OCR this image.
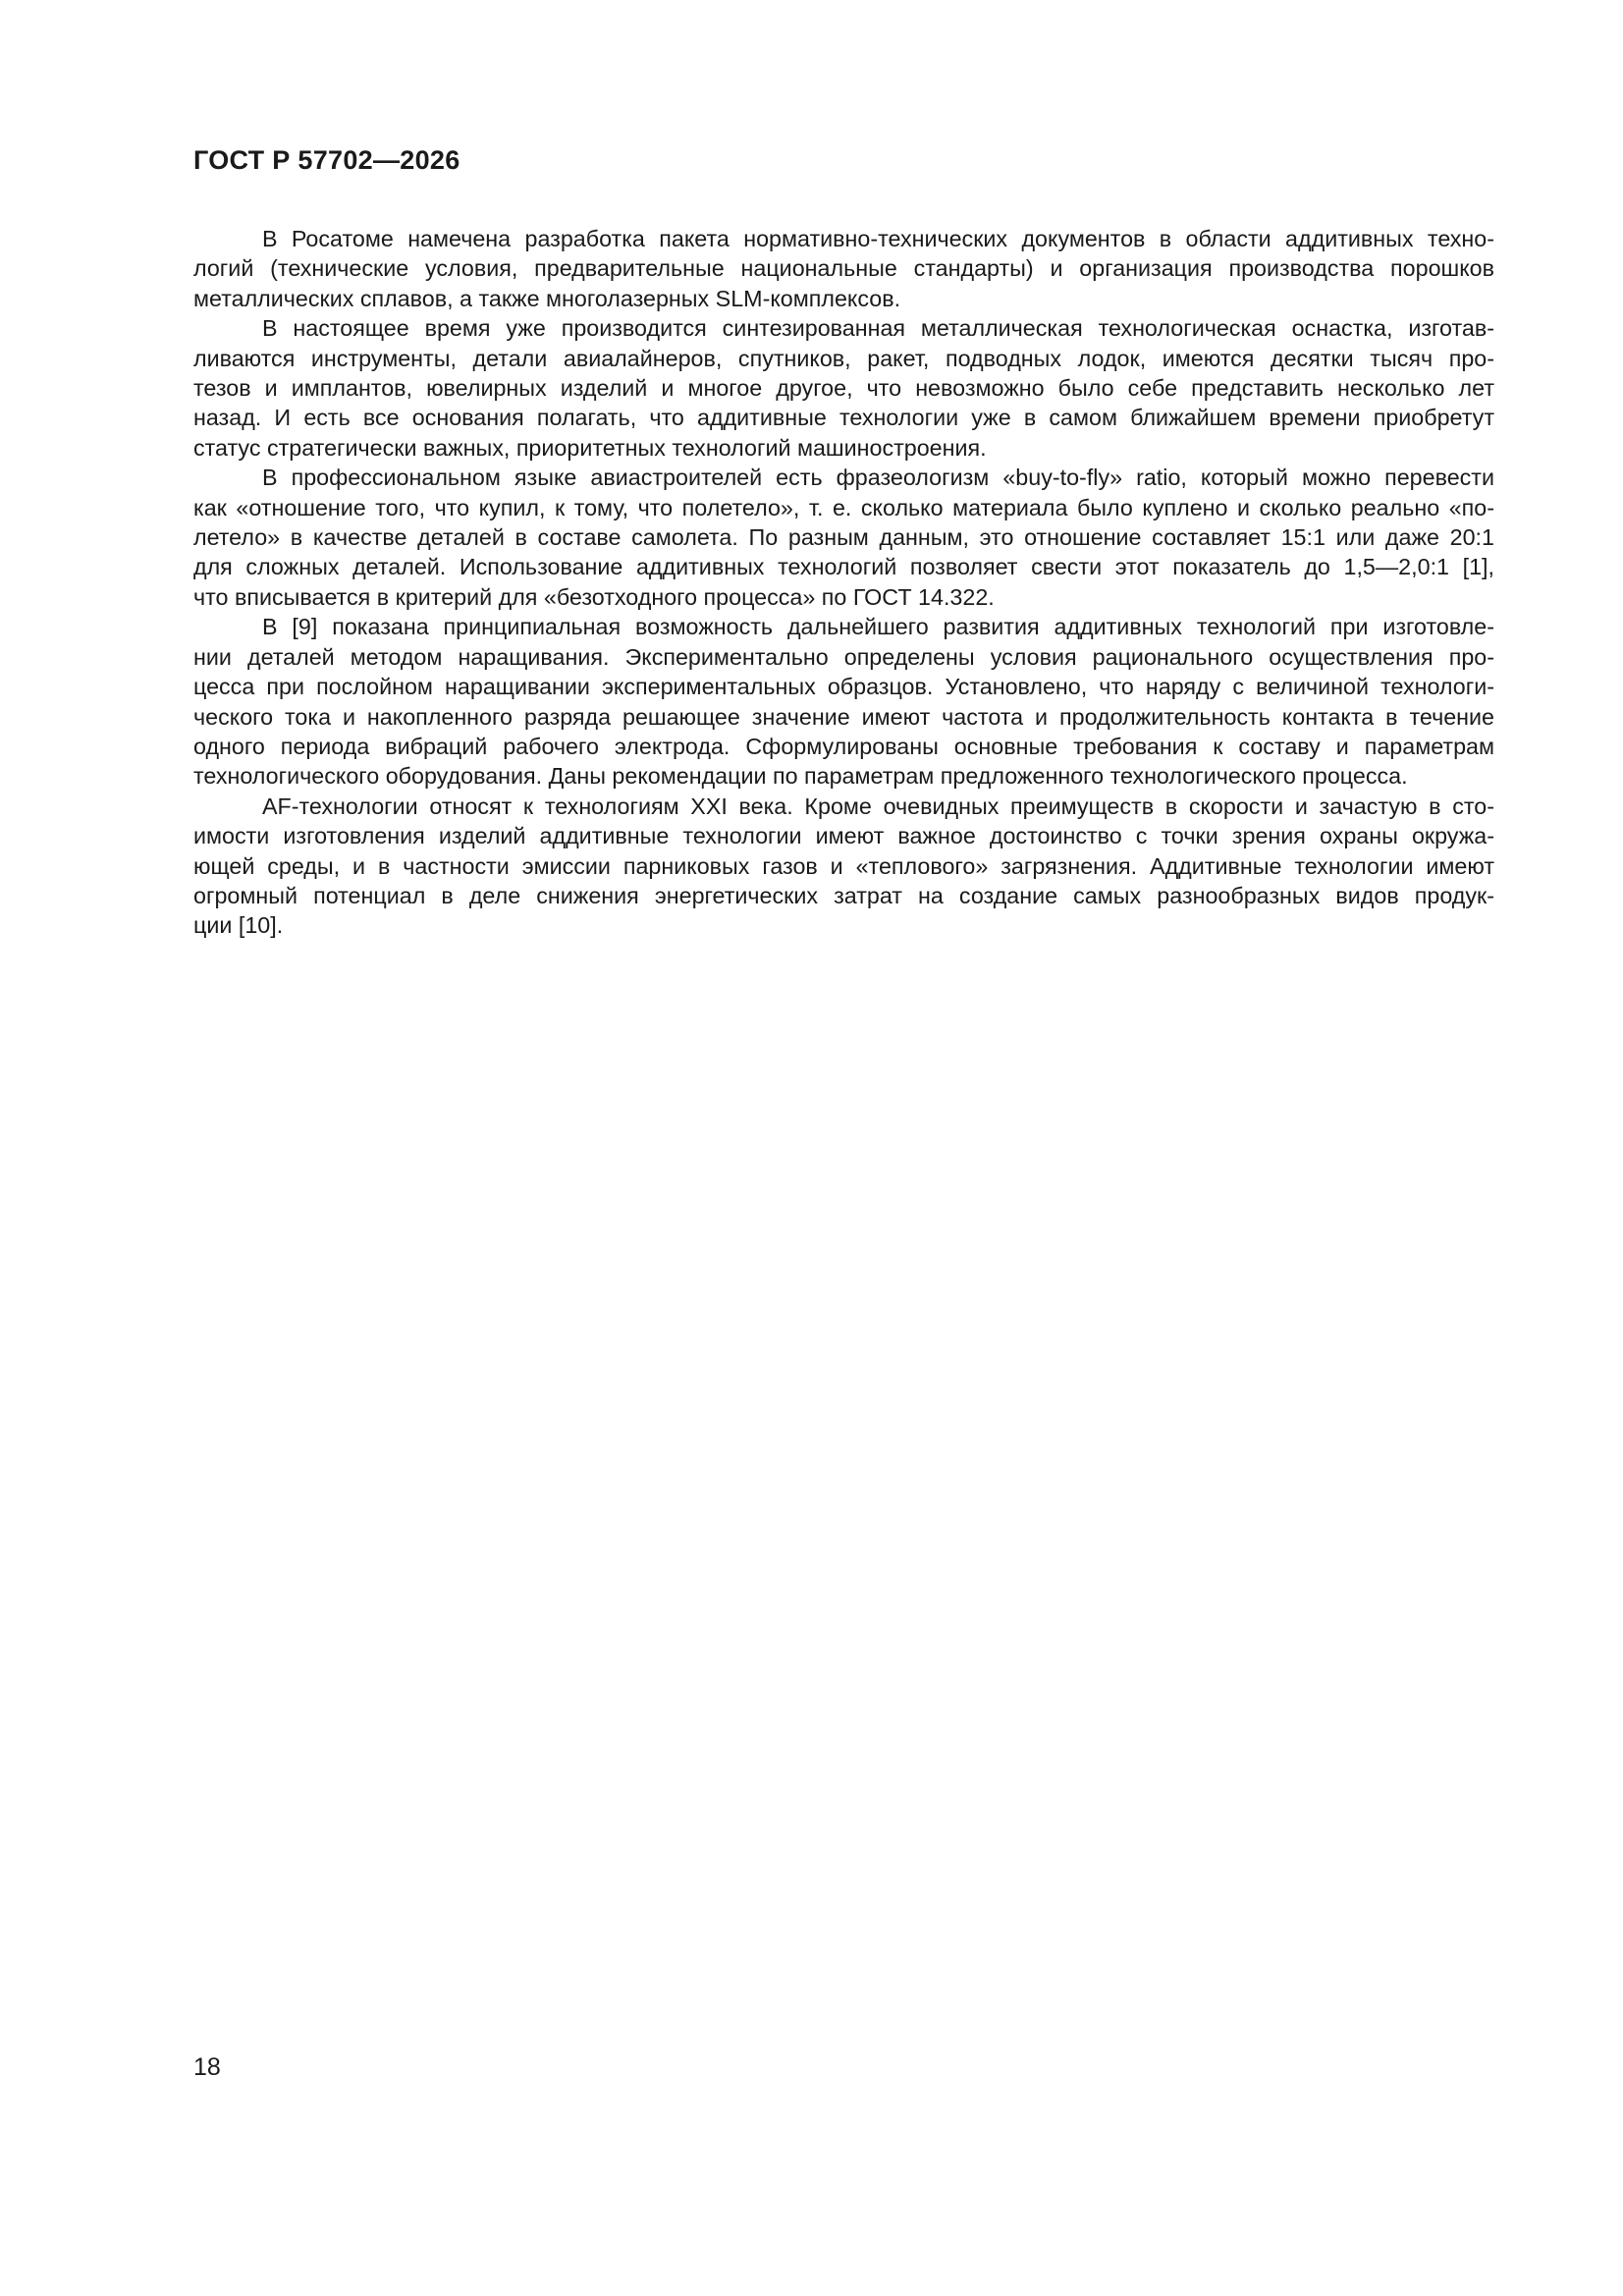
ГОСТ Р 57702—2026

В Росатоме намечена разработка пакета нормативно-технических документов в области аддитивных техно-
логий (технические условия, предварительные национальные стандарты) и организация производства порошков
металлических сплавов, а также многолазерных SLM-комплексов.

В настоящее время уже производится синтезированная металлическая технологическая оснастка, изготав-
ливаются инструменты, детали авиалайнеров, спутников, ракет, подводных лодок, имеются десятки тысяч про-
тезов и имплантов, ювелирных изделий и многое другое, что невозможно было себе представить несколько лет
назад. И есть все основания полагать, что аддитивные технологии уже в самом ближайшем времени приобретут
статус стратегически важных, приоритетных технологий машиностроения.

В профессиональном языке авиастроителей есть фразеологизм «buy-to-fly» ratio, который можно перевести
как «отношение того, что купил, к тому, что полетело», т. е. сколько материала было куплено и сколько реально «по-
летело» в качестве деталей в составе самолета. По разным данным, это отношение составляет 15:1 или даже 20:1
для сложных деталей. Использование аддитивных технологий позволяет свести этот показатель до 1,5—2,0:1 [1],
что вписывается в критерий для «безотходного процесса» по ГОСТ 14.322.

В [9] показана принципиальная возможность дальнейшего развития аддитивных технологий при изготовле-
нии деталей методом наращивания. Экспериментально определены условия рационального осуществления про-
цесса при послойном наращивании экспериментальных образцов. Установлено, что наряду с величиной технологи-
ческого тока и накопленного разряда решающее значение имеют частота и продолжительность контакта в течение
одного периода вибраций рабочего электрода. Сформулированы основные требования к составу и параметрам
технологического оборудования. Даны рекомендации по параметрам предложенного технологического процесса.

AF-технологии относят к технологиям XXI века. Кроме очевидных преимуществ в скорости и зачастую в сто-
имости изготовления изделий аддитивные технологии имеют важное достоинство с точки зрения охраны окружа-
ющей среды, и в частности эмиссии парниковых газов и «теплового» загрязнения. Аддитивные технологии имеют
огромный потенциал в деле снижения энергетических затрат на создание самых разнообразных видов продук-
ции [10].

18
